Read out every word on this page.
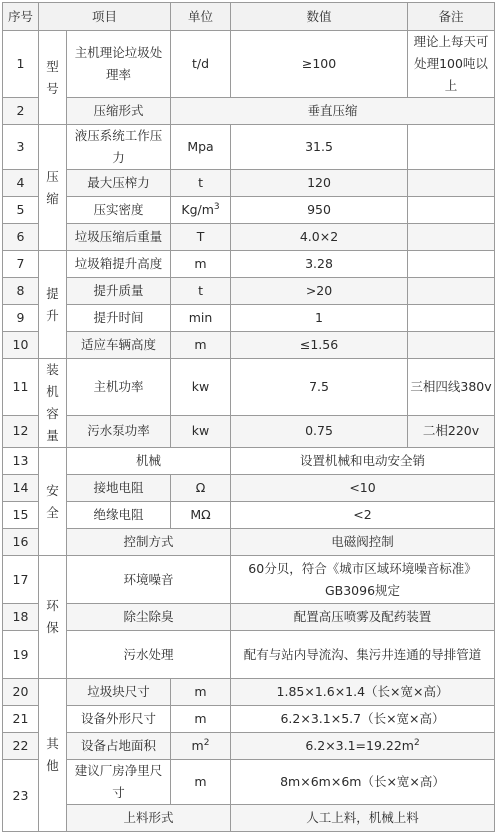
序号	项目		单位	数值	备注
1	型号	主机理论垃圾处理率	t/d	≥100	理论上每天可处理100吨以上
2		压缩形式	垂直压缩		
3	压缩	液压系统工作压力	Mpa	31.5	
4		最大压榨力	t	120	
5		压实密度	$Kg/m^3$	950	
6		垃圾压缩后重量	T	4.0×2	
7	提升	垃圾箱提升高度	m	3.28	
8		提升质量	t	>20	
9		提升时间	min	1	
10		适应车辆高度	m	≤1.56	
11	装机容量	主机功率	kw	7.5	三相四线380v
12		污水泵功率	kw	0.75	二相220v
13	安全	机械		设置机械和电动安全销	
14		接地电阻	Ω	<10	
15		绝缘电阻	MΩ	<2	
16		控制方式		电磁阀控制	
17	环保	环境噪音		60分贝，符合《城市区域环境噪音标准》GB3096规定	
18		除尘除臭		配置高压喷雾及配药装置	
19		污水处理		配有与站内导流沟、集污井连通的导排管道	
20	其他	垃圾块尺寸	m	1.85×1.6×1.4（长×宽×高）	
21		设备外形尺寸	m	6.2×3.1×5.7（长×宽×高）	
22		设备占地面积	$m^2$	$6.2\times 3.1=19.22m^2$
23		建议厂房净里尺寸	m	8m×6m×6m（长×宽×高）	
		上料形式		人工上料，机械上料	
